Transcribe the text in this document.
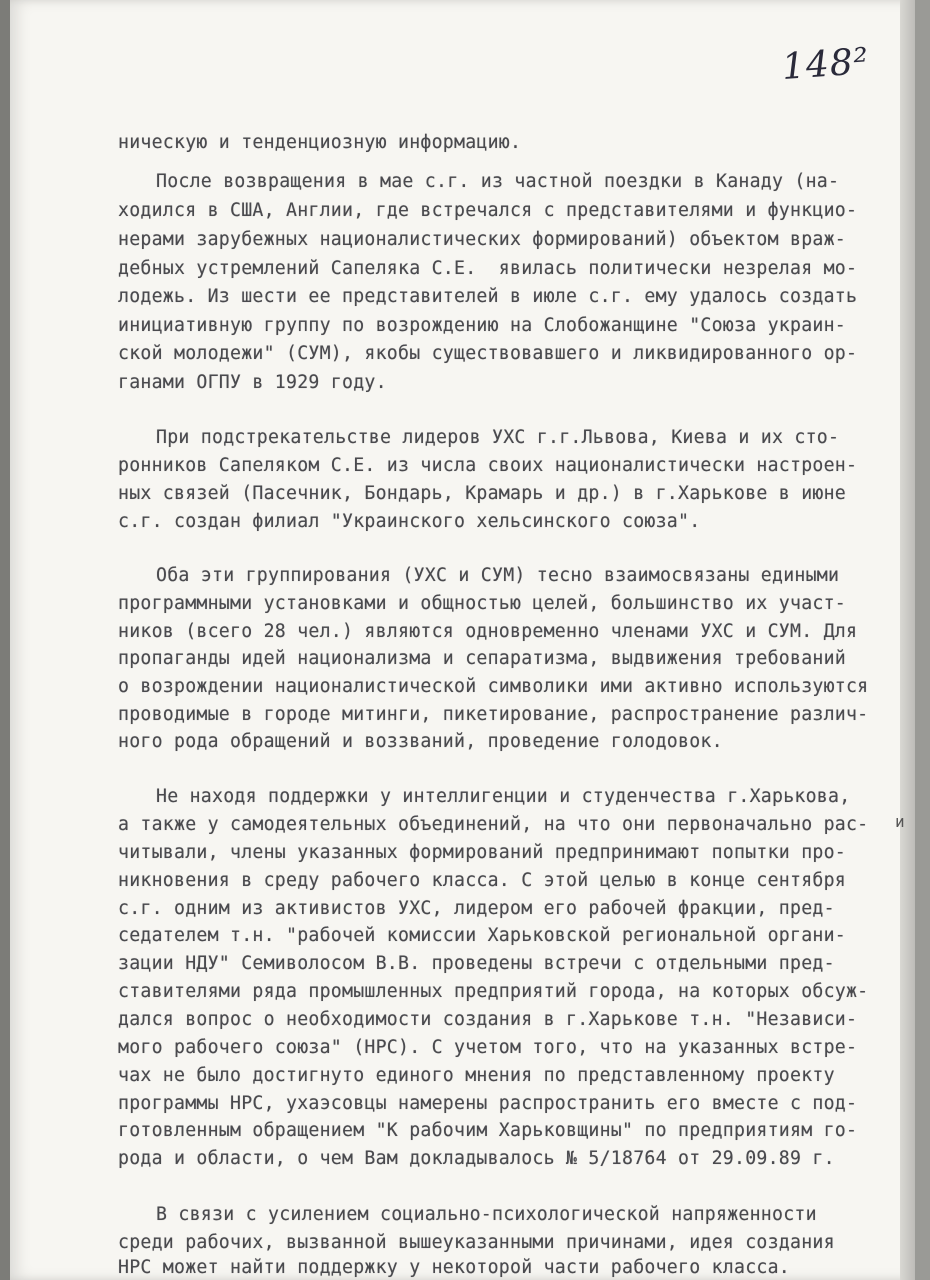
148²
и
ническую и тенденциозную информацию.
После возвращения в мае с.г. из частной поездки в Канаду (на-
ходился в США, Англии, где встречался с представителями и функцио-
нерами зарубежных националистических формирований) объектом враж-
дебных устремлений Сапеляка С.Е.  явилась политически незрелая мо-
лодежь. Из шести ее представителей в июле с.г. ему удалось создать
инициативную группу по возрождению на Слобожанщине "Союза украин-
ской молодежи" (СУМ), якобы существовавшего и ликвидированного ор-
ганами ОГПУ в 1929 году.
При подстрекательстве лидеров УХС г.г.Львова, Киева и их сто-
ронников Сапеляком С.Е. из числа своих националистически настроен-
ных связей (Пасечник, Бондарь, Крамарь и др.) в г.Харькове в июне
с.г. создан филиал "Украинского хельсинского союза".
Оба эти группирования (УХС и СУМ) тесно взаимосвязаны едиными
программными установками и общностью целей, большинство их участ-
ников (всего 28 чел.) являются одновременно членами УХС и СУМ. Для
пропаганды идей национализма и сепаратизма, выдвижения требований
о возрождении националистической символики ими активно используются
проводимые в городе митинги, пикетирование, распространение различ-
ного рода обращений и воззваний, проведение голодовок.
Не находя поддержки у интеллигенции и студенчества г.Харькова,
а также у самодеятельных объединений, на что они первоначально рас-
читывали, члены указанных формирований предпринимают попытки про-
никновения в среду рабочего класса. С этой целью в конце сентября
с.г. одним из активистов УХС, лидером его рабочей фракции, пред-
седателем т.н. "рабочей комиссии Харьковской региональной органи-
зации НДУ" Семиволосом В.В. проведены встречи с отдельными пред-
ставителями ряда промышленных предприятий города, на которых обсуж-
дался вопрос о необходимости создания в г.Харькове т.н. "Независи-
мого рабочего союза" (НРС). С учетом того, что на указанных встре-
чах не было достигнуто единого мнения по представленному проекту
программы НРС, ухаэсовцы намерены распространить его вместе с под-
готовленным обращением "К рабочим Харьковщины" по предприятиям го-
рода и области, о чем Вам докладывалось № 5/18764 от 29.09.89 г.
В связи с усилением социально-психологической напряженности
среди рабочих, вызванной вышеуказанными причинами, идея создания
НРС может найти поддержку у некоторой части рабочего класса.
